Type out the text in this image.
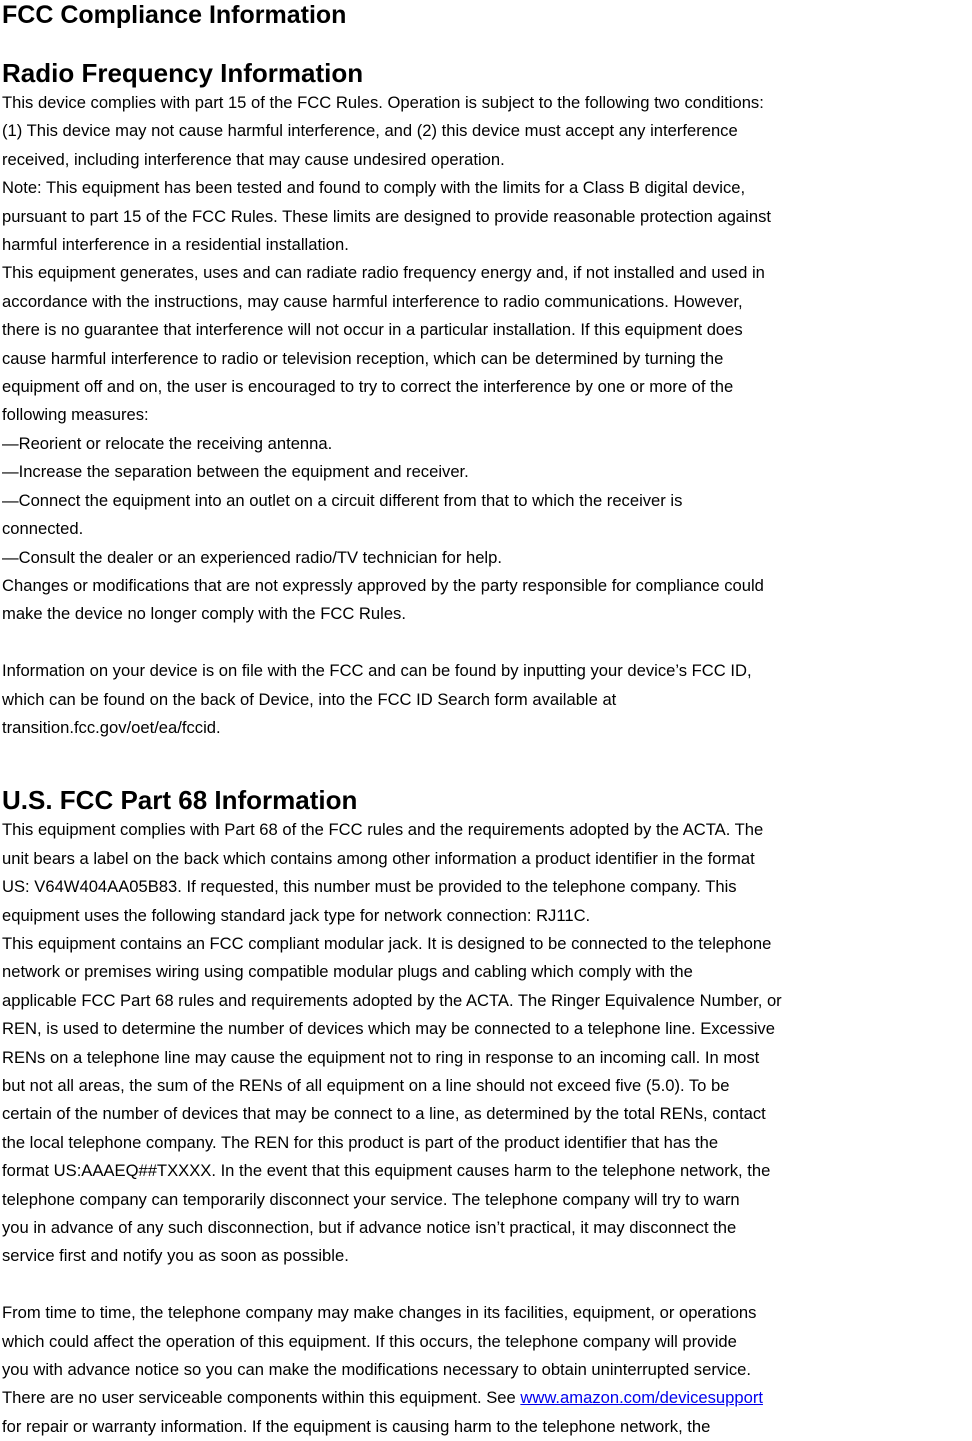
FCC Compliance Information
Radio Frequency Information

This device complies with part 15 of the FCC Rules. Operation is subject to the following two conditions:

(1) This device may not cause harmful interference, and (2) this device must accept any interference

received, including interference that may cause undesired operation.

Note: This equipment has been tested and found to comply with the limits for a Class B digital device,

pursuant to part 15 of the FCC Rules. These limits are designed to provide reasonable protection against

harmful interference in a residential installation.

This equipment generates, uses and can radiate radio frequency energy and, if not installed and used in

accordance with the instructions, may cause harmful interference to radio communications. However,

there is no guarantee that interference will not occur in a particular installation. If this equipment does

cause harmful interference to radio or television reception, which can be determined by turning the

equipment off and on, the user is encouraged to try to correct the interference by one or more of the

following measures:

—Reorient or relocate the receiving antenna.

—Increase the separation between the equipment and receiver.

—Connect the equipment into an outlet on a circuit different from that to which the receiver is

connected.

—Consult the dealer or an experienced radio/TV technician for help.

Changes or modifications that are not expressly approved by the party responsible for compliance could

make the device no longer comply with the FCC Rules.

Information on your device is on file with the FCC and can be found by inputting your device’s FCC ID,

which can be found on the back of Device, into the FCC ID Search form available at

transition.fcc.gov/oet/ea/fccid.

U.S. FCC Part 68 Information

This equipment complies with Part 68 of the FCC rules and the requirements adopted by the ACTA. The

unit bears a label on the back which contains among other information a product identifier in the format

US: V64W404AA05B83. If requested, this number must be provided to the telephone company. This

equipment uses the following standard jack type for network connection: RJ11C.

This equipment contains an FCC compliant modular jack. It is designed to be connected to the telephone

network or premises wiring using compatible modular plugs and cabling which comply with the

applicable FCC Part 68 rules and requirements adopted by the ACTA. The Ringer Equivalence Number, or

REN, is used to determine the number of devices which may be connected to a telephone line. Excessive

RENs on a telephone line may cause the equipment not to ring in response to an incoming call. In most

but not all areas, the sum of the RENs of all equipment on a line should not exceed five (5.0). To be

certain of the number of devices that may be connect to a line, as determined by the total RENs, contact

the local telephone company. The REN for this product is part of the product identifier that has the

format US:AAAEQ##TXXXX. In the event that this equipment causes harm to the telephone network, the

telephone company can temporarily disconnect your service. The telephone company will try to warn

you in advance of any such disconnection, but if advance notice isn’t practical, it may disconnect the

service first and notify you as soon as possible.

From time to time, the telephone company may make changes in its facilities, equipment, or operations

which could affect the operation of this equipment. If this occurs, the telephone company will provide

you with advance notice so you can make the modifications necessary to obtain uninterrupted service.

There are no user serviceable components within this equipment. See www.amazon.com/devicesupport

for repair or warranty information. If the equipment is causing harm to the telephone network, the
